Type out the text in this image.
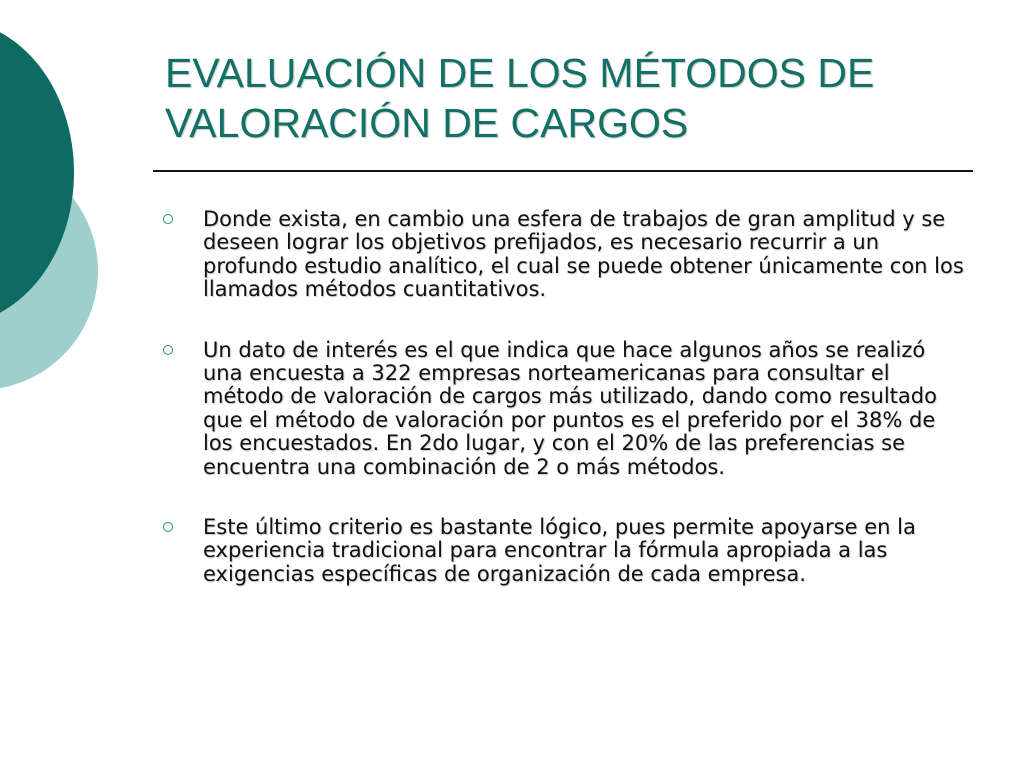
EVALUACIÓN DE LOS MÉTODOS DE
VALORACIÓN DE CARGOS
Donde exista, en cambio una esfera de trabajos de gran amplitud y se deseen lograr los objetivos prefijados, es necesario recurrir a un profundo estudio analítico, el cual se puede obtener únicamente con los llamados métodos cuantitativos.
Un dato de interés es el que indica que hace algunos años se realizó una encuesta a 322 empresas norteamericanas para consultar el método de valoración de cargos más utilizado, dando como resultado que el método de valoración por puntos es el preferido por el 38% de los encuestados. En 2do lugar, y con el 20% de las preferencias se encuentra una combinación de 2 o más métodos.
Este último criterio es bastante lógico, pues permite apoyarse en la experiencia tradicional para encontrar la fórmula apropiada a las exigencias específicas de organización de cada empresa.
